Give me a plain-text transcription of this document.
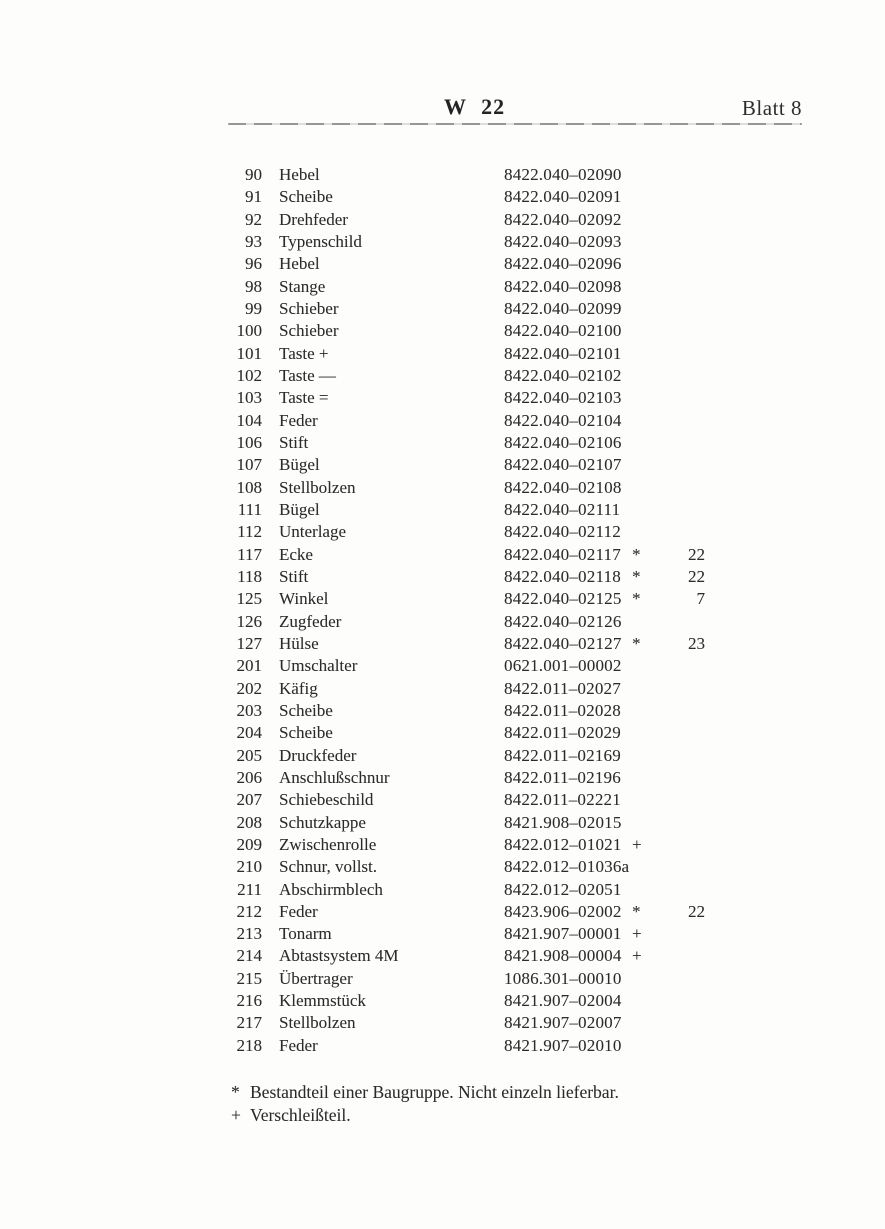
W 22	Blatt 8
90 Hebel	8422.040–02090
91 Scheibe	8422.040–02091
92 Drehfeder	8422.040–02092
93 Typenschild	8422.040–02093
96 Hebel	8422.040–02096
98 Stange	8422.040–02098
99 Schieber	8422.040–02099
100 Schieber	8422.040–02100
101 Taste +	8422.040–02101
102 Taste —	8422.040–02102
103 Taste =	8422.040–02103
104 Feder	8422.040–02104
106 Stift	8422.040–02106
107 Bügel	8422.040–02107
108 Stellbolzen	8422.040–02108
111 Bügel	8422.040–02111
112 Unterlage	8422.040–02112
117 Ecke	8422.040–02117 *	22
118 Stift	8422.040–02118 *	22
125 Winkel	8422.040–02125 *	7
126 Zugfeder	8422.040–02126
127 Hülse	8422.040–02127 *	23
201 Umschalter	0621.001–00002
202 Käfig	8422.011–02027
203 Scheibe	8422.011–02028
204 Scheibe	8422.011–02029
205 Druckfeder	8422.011–02169
206 Anschlußschnur	8422.011–02196
207 Schiebeschild	8422.011–02221
208 Schutzkappe	8421.908–02015
209 Zwischenrolle	8422.012–01021 +
210 Schnur, vollst.	8422.012–01036a
211 Abschirmblech	8422.012–02051
212 Feder	8423.906–02002 *	22
213 Tonarm	8421.907–00001 +
214 Abtastsystem 4M	8421.908–00004 +
215 Übertrager	1086.301–00010
216 Klemmstück	8421.907–02004
217 Stellbolzen	8421.907–02007
218 Feder	8421.907–02010
* Bestandteil einer Baugruppe. Nicht einzeln lieferbar.
+ Verschleißteil.
